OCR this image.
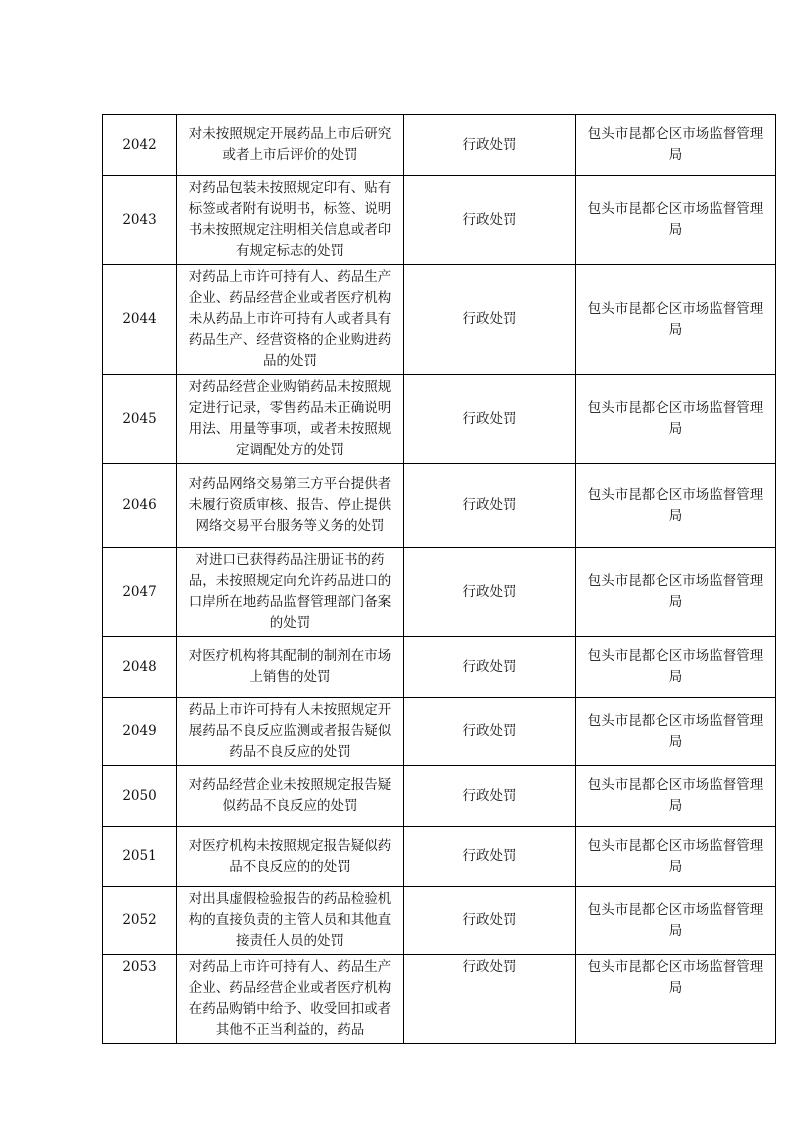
2042	对未按照规定开展药品上市后研究或者上市后评价的处罚	行政处罚	包头市昆都仑区市场监督管理局
2043	对药品包装未按照规定印有、贴有标签或者附有说明书，标签、说明书未按照规定注明相关信息或者印有规定标志的处罚	行政处罚	包头市昆都仑区市场监督管理局
2044	对药品上市许可持有人、药品生产企业、药品经营企业或者医疗机构未从药品上市许可持有人或者具有药品生产、经营资格的企业购进药品的处罚	行政处罚	包头市昆都仑区市场监督管理局
2045	对药品经营企业购销药品未按照规定进行记录，零售药品未正确说明用法、用量等事项，或者未按照规定调配处方的处罚	行政处罚	包头市昆都仑区市场监督管理局
2046	对药品网络交易第三方平台提供者未履行资质审核、报告、停止提供网络交易平台服务等义务的处罚	行政处罚	包头市昆都仑区市场监督管理局
2047	对进口已获得药品注册证书的药品，未按照规定向允许药品进口的口岸所在地药品监督管理部门备案的处罚	行政处罚	包头市昆都仑区市场监督管理局
2048	对医疗机构将其配制的制剂在市场上销售的处罚	行政处罚	包头市昆都仑区市场监督管理局
2049	药品上市许可持有人未按照规定开展药品不良反应监测或者报告疑似药品不良反应的处罚	行政处罚	包头市昆都仑区市场监督管理局
2050	对药品经营企业未按照规定报告疑似药品不良反应的处罚	行政处罚	包头市昆都仑区市场监督管理局
2051	对医疗机构未按照规定报告疑似药品不良反应的的处罚	行政处罚	包头市昆都仑区市场监督管理局
2052	对出具虚假检验报告的药品检验机构的直接负责的主管人员和其他直接责任人员的处罚	行政处罚	包头市昆都仑区市场监督管理局
2053	对药品上市许可持有人、药品生产企业、药品经营企业或者医疗机构在药品购销中给予、收受回扣或者其他不正当利益的，药品	行政处罚	包头市昆都仑区市场监督管理局
